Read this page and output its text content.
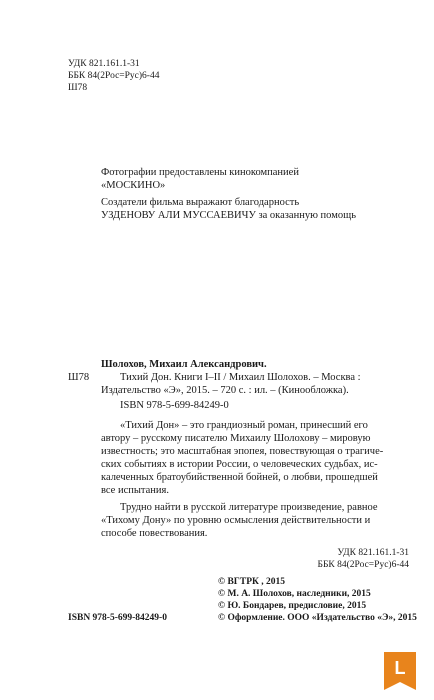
УДК 821.161.1-31
ББК 84(2Рос=Рус)6-44
Ш78
Фотографии предоставлены кинокомпанией
«МОСКИНО»
Создатели фильма выражают благодарность
УЗДЕНОВУ АЛИ МУССАЕВИЧУ за оказанную помощь
Шолохов, Михаил Александрович.
Ш78	Тихий Дон. Книги I–II / Михаил Шолохов. – Москва :
Издательство «Э», 2015. – 720 с. : ил. – (Кинообложка).
ISBN 978-5-699-84249-0
«Тихий Дон» – это грандиозный роман, принесший его
автору – русскому писателю Михаилу Шолохову – мировую
известность; это масштабная эпопея, повествующая о трагиче-
ских событиях в истории России, о человеческих судьбах, ис-
калеченных братоубийственной бойней, о любви, прошедшей
все испытания.
Трудно найти в русской литературе произведение, равное
«Тихому Дону» по уровню осмысления действительности и
способе повествования.
УДК 821.161.1-31
ББК 84(2Рос=Рус)6-44
ISBN 978-5-699-84249-0
© ВГТРК , 2015
© М. А. Шолохов, наследники, 2015
© Ю. Бондарев, предисловие, 2015
© Оформление. ООО «Издательство «Э», 2015
L
